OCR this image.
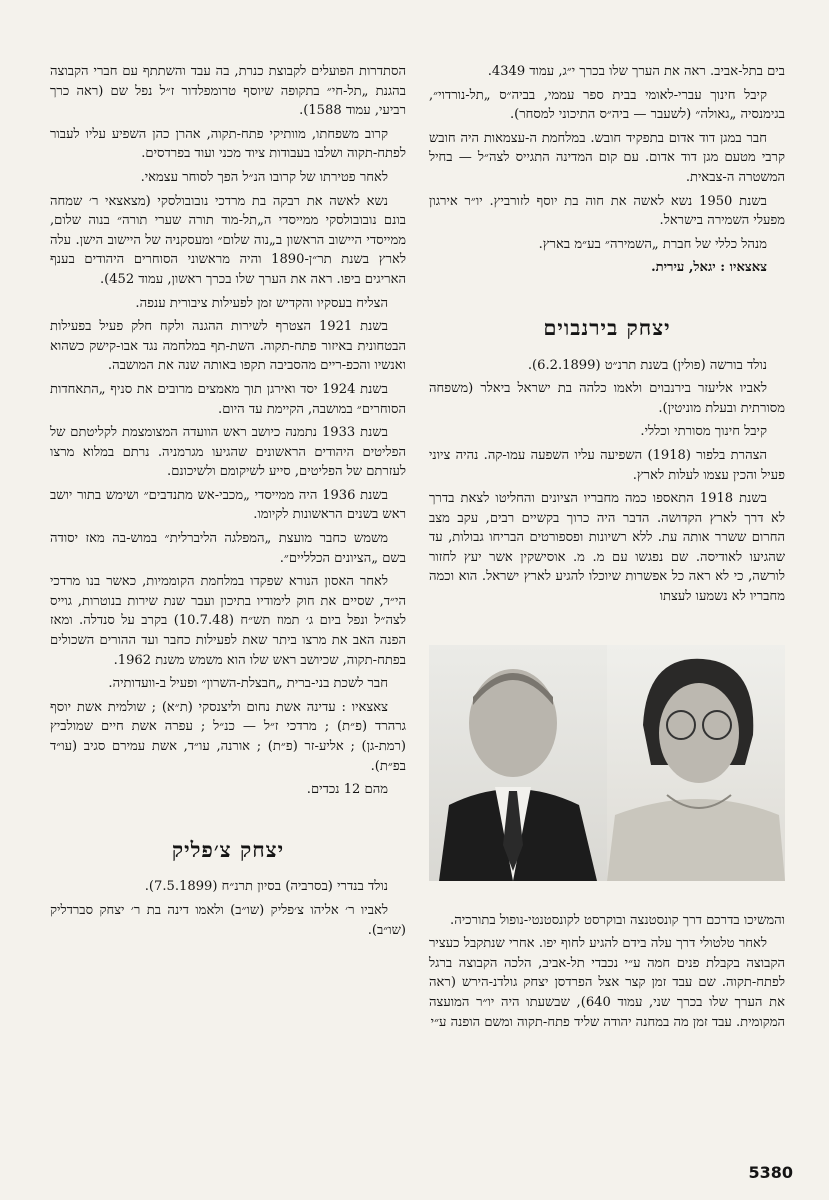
בים בתל-אביב. ראה את הערך שלו בכרך י״ג, עמוד 4349.

קיבל חינוך עברי-לאומי בבית ספר עממי, בביה״ס „תל-נורדוי״, בגימנסיה „גאולה״ (לשעבר — ביה״ס התיכוני למסחר).

חבר במגן דוד אדום בתפקיד חובש. במלחמת ה-עצמאות היה חובש קרבי מטעם מגן דוד אדום. עם קום המדינה התגייס לצה״ל — בחיל המשטרה ה-צבאית.

בשנת 1950 נשא לאשה את חוה בת יוסף לזורביץ. יו״ר אירגון מפעלי השמירה בישראל.

מנהל כללי של חברת „השמירה״ בע״מ בארץ.

צאצאיו : יגאל, עירית.

יצחק בירנבוים

נולד בורשה (פולין) בשנת תרנ״ט (6.2.1899).

לאביו אליעזר בירנבוים ולאמו כלהה בת ישראל ביאלר (משפחה מסורתית ובעלת מוניטין).

קיבל חינוך מסורתי וכללי.

הצהרת בלפור (1918) השפיעה עליו השפעה עמו-קה. נהיה ציוני פעיל והכין עצמו לעלות לארץ.

בשנת 1918 התאספו כמה מחבריו הציונים והחליטו לצאת בדרך לא דרך לארץ הקדושה. הדבר היה כרוך בקשיים רבים, עקב מצב החרום ששרר אותה עת. ללא רשיונות ופספורטים הבריחו גבולות, עד שהגיעו לאודיסה. שם נפגשו עם מ. מ. אוסישקין אשר יעץ לחזור לורשה, כי לא ראה כל אפשרות שיוכלו להגיע לארץ ישראל. הוא וכמה מחבריו לא נשמעו לעצתו

והמשיכו בדרכם דרך קונסטנצה ובוקרסט לקונסטנטי-נופול בתורכיה.

לאחר טלטולי דרך עלה בידם להגיע לחוף יפו. אחרי שנתקבל כעציר הקבוצה בקבלת פנים חמה ע״י נכבדי תל-אביב, הלכה הקבוצה ברגל לפתח-תקוה. שם עבד זמן קצר אצל הפרדסן יצחק גולדנ-הירש (ראה את הערך שלו בכרך שני, עמוד 640), שבשעתו היה יו״ר המועצה המקומית. עבד זמן מה במחנה יהודה שליד פתח-תקוה ומשם הופנה ע״י

הסתדרות הפועלים לקבוצת כנרת, בה עבד והשתתף עם חברי הקבוצה בהגנת „תל-חי״ בתקופה שיוסף טרומפלדור ז״ל נפל שם (ראה כרך רביעי, עמוד 1588).

קרוב משפחתו, מוותיקי פתח-תקוה, אהרן כהן השפיע עליו לעבור לפתח-תקוה ושלבו בעבודות ציוד מכני ועוד בפרדסים.

לאחר פטירתו של קרובו הנ״ל הפך לסוחר עצמאי.

נשא לאשה את רבקה בת מרדכי נובובולסקי (מצאצאי ר׳ שמחה בונם נובובולסקי ממייסדי ה„תל-מוד תורה שערי תורה״ בנוה שלום, ממייסדי היישוב הראשון ב„נוה שלום״ ומעסקניה של היישוב הישן. עלה לארץ בשנת תר״ן-1890 והיה מראשוני הסוחרים היהודים בענף האריגים ביפו. ראה את הערך שלו בכרך ראשון, עמוד 452).

הצליח בעסקיו והקדיש זמן לפעילות ציבורית ענפה.

בשנת 1921 הצטרף לשירות ההגנה ולקח חלק פעיל בפעילות הבטחונית באיזור פתח-תקוה. השת-תף במלחמה נגד אבו-קישק כשהוא ואנשיו והכפ-ריים מהסביבה תקפו באותה שנה את המושבה.

בשנת 1924 יסד ואירגן תוך מאמצים מרובים את סניף „התאחדות הסוחרים״ במושבה, הקיימת עד היום.

בשנת 1933 נתמנה כיושב ראש הוועדה המצומצמת לקליטתם של הפליטים היהודים הראשונים שהגיעו מגרמניה. נרתם במלוא מרצו לעזרתם של הפליטים, סייע לשיקומם ולשיכונם.

בשנת 1936 היה ממייסדי „מכבי-אש מתנדבים״ ושימש בתור יושב ראש בשנים הראשונות לקיומו.

משמש כחבר מועצת „המפלגה הליברלית״ במוש-בה מאז יסודה בשם „הציונים הכלליים״.

לאחר האסון הנורא שפקדו במלחמת הקוממיות, כאשר בנו מרדכי הי״ד, שסיים את חוק לימודיו בתיכון ועבר שנת שירות בנוטרות, גוייס לצה״ל ונפל ביום ג׳ תמוז תש״ח (10.7.48) בקרב על סנדלה. ומאז הפנה האב את מרצו ביתר שאת לפעילות כחבר ועד ההורים השכולים בפתח-תקוה, שכיושב ראש שלו הוא משמש משנת 1962.

חבר לשכת בני-ברית „חבצלת-השרון״ ופעיל ב-וועדותיה.

צאצאיו : עדינה אשת נחום וליצנסקי (ת״א) ; שולמית אשת יוסף גרהרד (פ״ת) ; מרדכי ז״ל — כנ״ל ; עפרה אשת חיים שמולביץ (רמת-גן) ; אליע-זר (פ״ת) ; אורנה, עו״ד, אשת עמירם סגיב (עו״ד בפ״ת).

מהם 12 נכדים.

יצחק צ׳פליק

נולד בנדרי (בסרביה) בסיון תרנ״ח (7.5.1899).

לאביו ר׳ אליהו צ׳פליק (שו״ב) ולאמו דינה בת ר׳ יצחק סברדליק (שו״ב).

5380
